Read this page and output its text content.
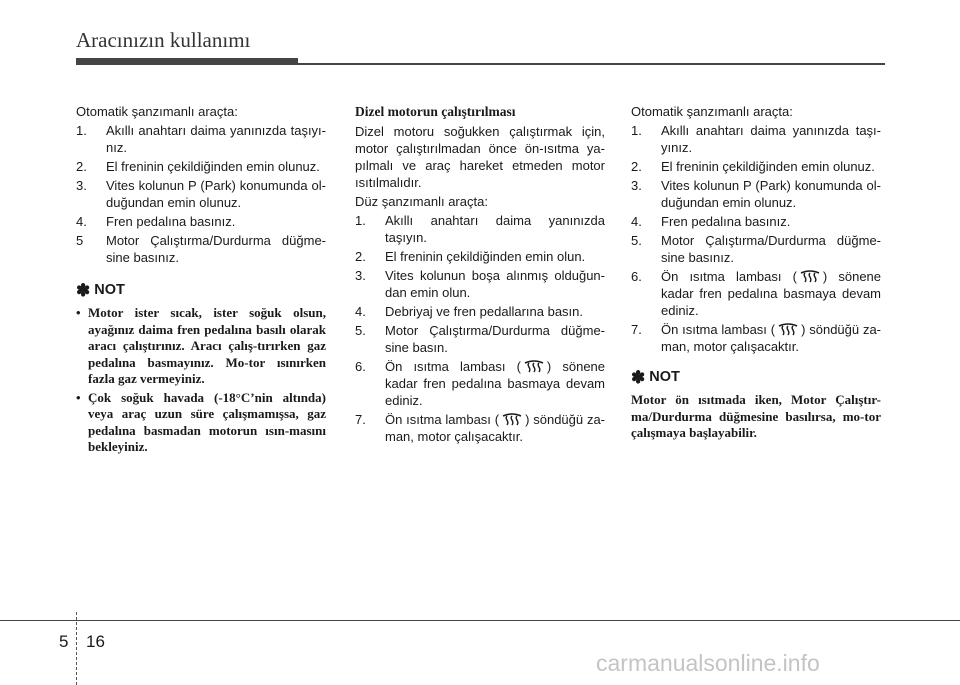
Aracınızın kullanımı
Otomatik şanzımanlı araçta:
1. Akıllı anahtarı daima yanınızda taşıyı-nız.
2. El freninin çekildiğinden emin olunuz.
3. Vites kolunun P (Park) konumunda ol-duğundan emin olunuz.
4. Fren pedalına basınız.
5 Motor Çalıştırma/Durdurma düğme-sine basınız.
✽ NOT
• Motor ister sıcak, ister soğuk olsun, ayağınız daima fren pedalına basılı olarak aracı çalıştırınız. Aracı çalış-tırırken gaz pedalına basmayınız. Mo-tor ısınırken fazla gaz vermeyiniz.
• Çok soğuk havada (-18°C’nin altında) veya araç uzun süre çalışmamışsa, gaz pedalına basmadan motorun ısın-masını bekleyiniz.
Dizel motorun çalıştırılması
Dizel motoru soğukken çalıştırmak için, motor çalıştırılmadan önce ön-ısıtma ya-pılmalı ve araç hareket etmeden motor ısıtılmalıdır.
Düz şanzımanlı araçta:
1. Akıllı anahtarı daima yanınızda taşıyın.
2. El freninin çekildiğinden emin olun.
3. Vites kolunun boşa alınmış olduğun-dan emin olun.
4. Debriyaj ve fren pedallarına basın.
5. Motor Çalıştırma/Durdurma düğme-sine basın.
6. Ön ısıtma lambası ( ) sönene kadar fren pedalına basmaya devam ediniz.
7. Ön ısıtma lambası ( ) söndüğü za-man, motor çalışacaktır.
Otomatik şanzımanlı araçta:
1. Akıllı anahtarı daima yanınızda taşı-yınız.
2. El freninin çekildiğinden emin olunuz.
3. Vites kolunun P (Park) konumunda ol-duğundan emin olunuz.
4. Fren pedalına basınız.
5. Motor Çalıştırma/Durdurma düğme-sine basınız.
6. Ön ısıtma lambası ( ) sönene kadar fren pedalına basmaya devam ediniz.
7. Ön ısıtma lambası ( ) söndüğü za-man, motor çalışacaktır.
✽ NOT
Motor ön ısıtmada iken, Motor Çalıştır-ma/Durdurma düğmesine basılırsa, mo-tor çalışmaya başlayabilir.
5 16
carmanualsonline.info
